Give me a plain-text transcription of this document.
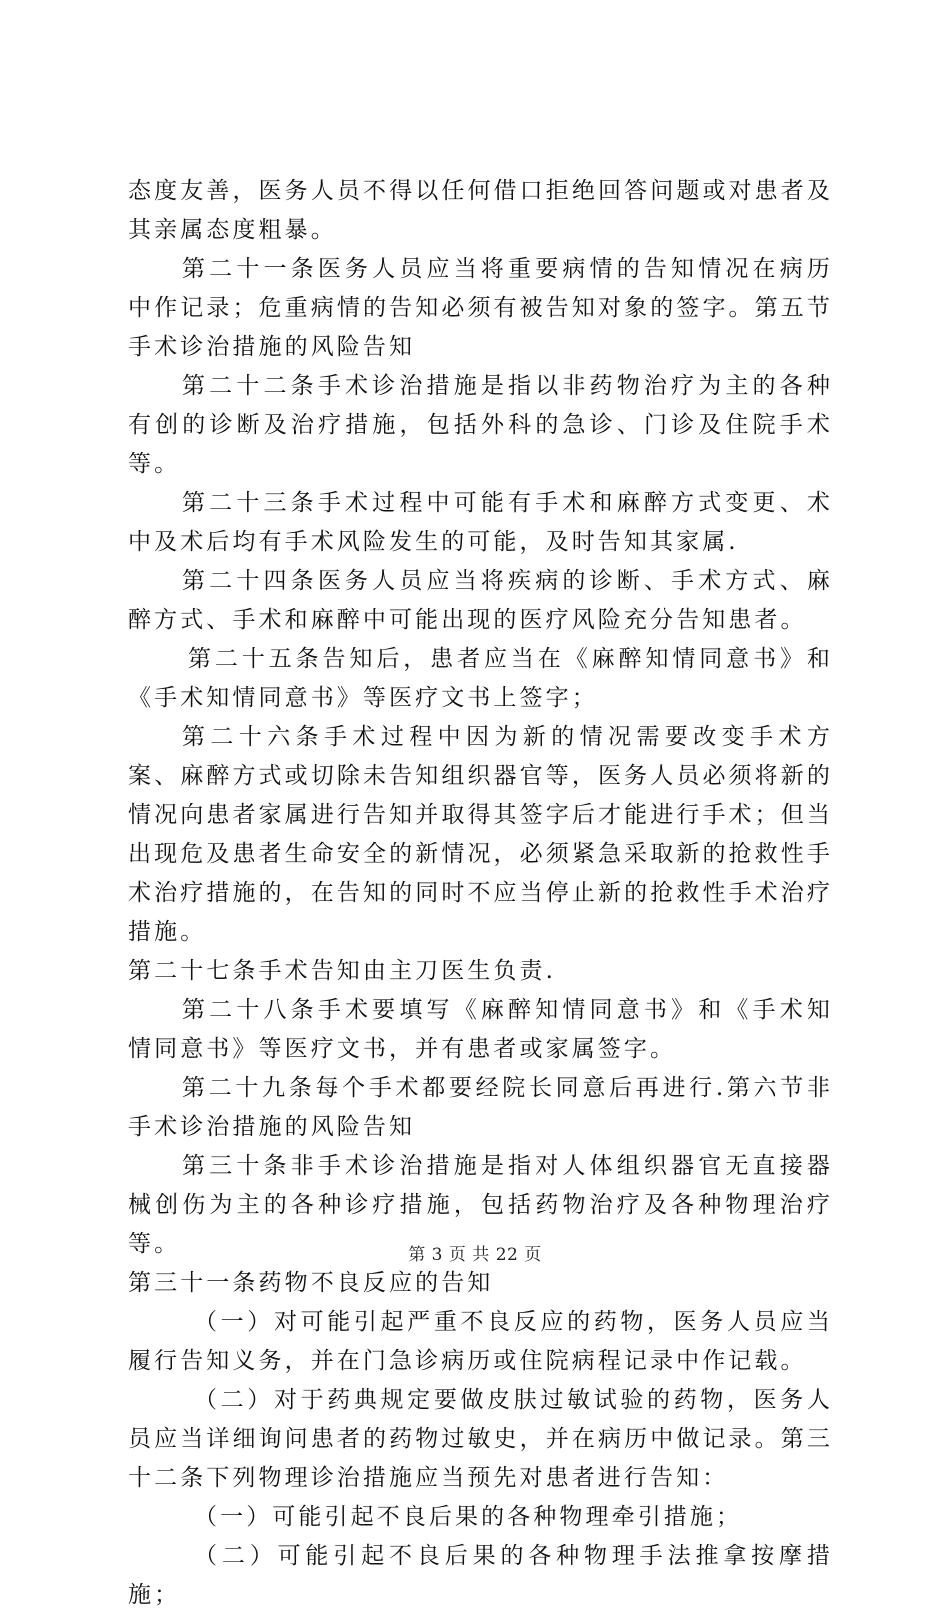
态度友善，医务人员不得以任何借口拒绝回答问题或对患者及其亲属态度粗暴。

第二十一条医务人员应当将重要病情的告知情况在病历中作记录；危重病情的告知必须有被告知对象的签字。第五节手术诊治措施的风险告知

第二十二条手术诊治措施是指以非药物治疗为主的各种有创的诊断及治疗措施，包括外科的急诊、门诊及住院手术等。

第二十三条手术过程中可能有手术和麻醉方式变更、术中及术后均有手术风险发生的可能，及时告知其家属.

第二十四条医务人员应当将疾病的诊断、手术方式、麻醉方式、手术和麻醉中可能出现的医疗风险充分告知患者。

第二十五条告知后，患者应当在《麻醉知情同意书》和《手术知情同意书》等医疗文书上签字；

第二十六条手术过程中因为新的情况需要改变手术方案、麻醉方式或切除未告知组织器官等，医务人员必须将新的情况向患者家属进行告知并取得其签字后才能进行手术；但当出现危及患者生命安全的新情况，必须紧急采取新的抢救性手术治疗措施的，在告知的同时不应当停止新的抢救性手术治疗措施。

第二十七条手术告知由主刀医生负责.

第二十八条手术要填写《麻醉知情同意书》和《手术知情同意书》等医疗文书，并有患者或家属签字。

第二十九条每个手术都要经院长同意后再进行.第六节非手术诊治措施的风险告知

第三十条非手术诊治措施是指对人体组织器官无直接器械创伤为主的各种诊疗措施，包括药物治疗及各种物理治疗等。

第三十一条药物不良反应的告知

（一）对可能引起严重不良反应的药物，医务人员应当履行告知义务，并在门急诊病历或住院病程记录中作记载。

（二）对于药典规定要做皮肤过敏试验的药物，医务人员应当详细询问患者的药物过敏史，并在病历中做记录。第三十二条下列物理诊治措施应当预先对患者进行告知：

（一）可能引起不良后果的各种物理牵引措施；

（二）可能引起不良后果的各种物理手法推拿按摩措施；

第 3 页 共 22 页
